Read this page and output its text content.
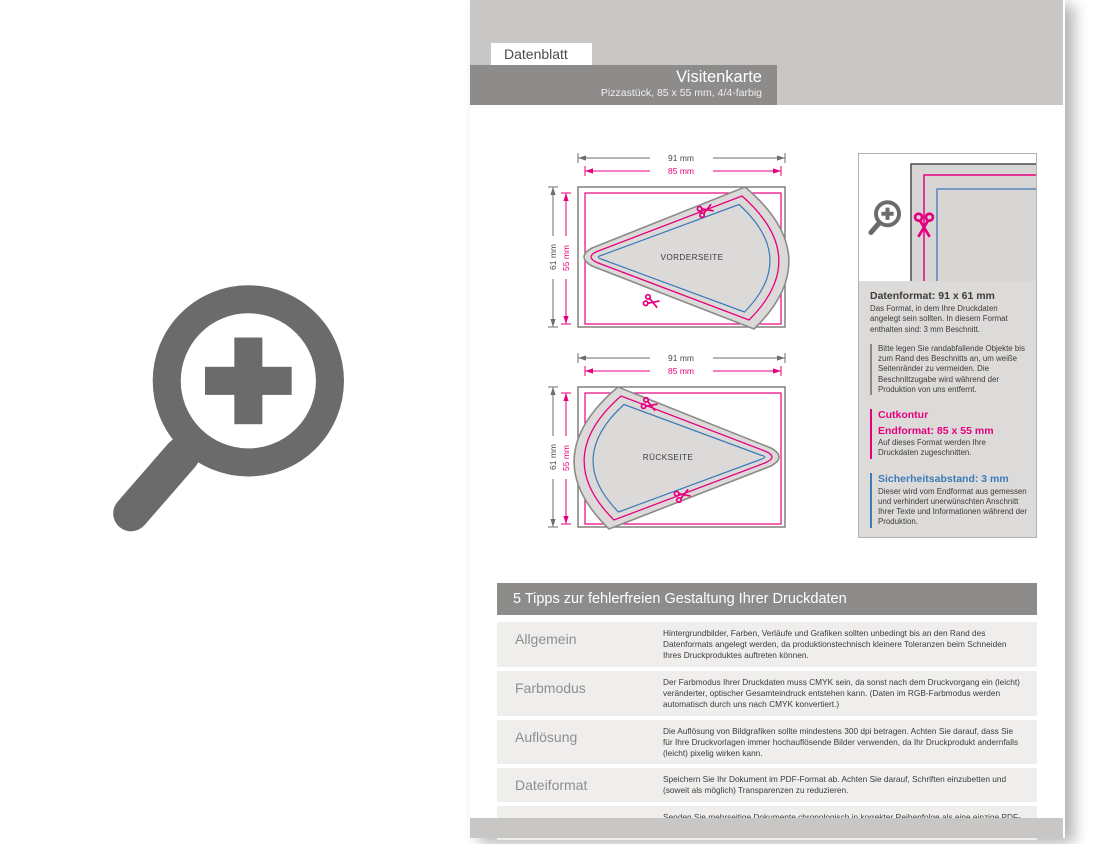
Datenblatt
Visitenkarte
Pizzastück, 85 x 55 mm, 4/4-farbig
VORDERSEITE
91 mm
85 mm
61 mm 55 mm
RÜCKSEITE
91 mm
85 mm
61 mm 55 mm
Datenformat: 91 x 61 mm

Das Format, in dem Ihre Druckdaten angelegt sein sollten. In diesem Format enthalten sind: 3 mm Beschnitt.

Bitte legen Sie randabfallende Objekte bis zum Rand des Beschnitts an, um weiße Seitenränder zu vermeiden. Die Beschnittzugabe wird während der Produktion von uns entfernt.

Cutkontur
Endformat: 85 x 55 mm

Auf dieses Format werden Ihre Druckdaten zugeschnitten.

Sicherheitsabstand: 3 mm

Dieser wird vom Endformat aus gemessen und verhindert unerwünschten Anschnitt Ihrer Texte und Informationen während der Produktion.

5 Tipps zur fehlerfreien Gestaltung Ihrer Druckdaten
Allgemein	Hintergrundbilder, Farben, Verläufe und Grafiken sollten unbedingt bis an den Rand des Datenformats angelegt werden, da produktionstechnisch kleinere Toleranzen beim Schneiden Ihres Druckproduktes auftreten können.
Farbmodus	Der Farbmodus Ihrer Druckdaten muss CMYK sein, da sonst nach dem Druckvorgang ein (leicht) veränderter, optischer Gesamteindruck entstehen kann. (Daten im RGB-Farbmodus werden automatisch durch uns nach CMYK konvertiert.)
Auflösung	Die Auflösung von Bildgrafiken sollte mindestens 300 dpi betragen. Achten Sie darauf, dass Sie für Ihre Druckvorlagen immer hochauflösende Bilder verwenden, da Ihr Druckprodukt andernfalls (leicht) pixelig wirken kann.
Dateiformat	Speichern Sie Ihr Dokument im PDF-Format ab. Achten Sie darauf, Schriften einzubetten und (soweit als möglich) Transparenzen zu reduzieren.
